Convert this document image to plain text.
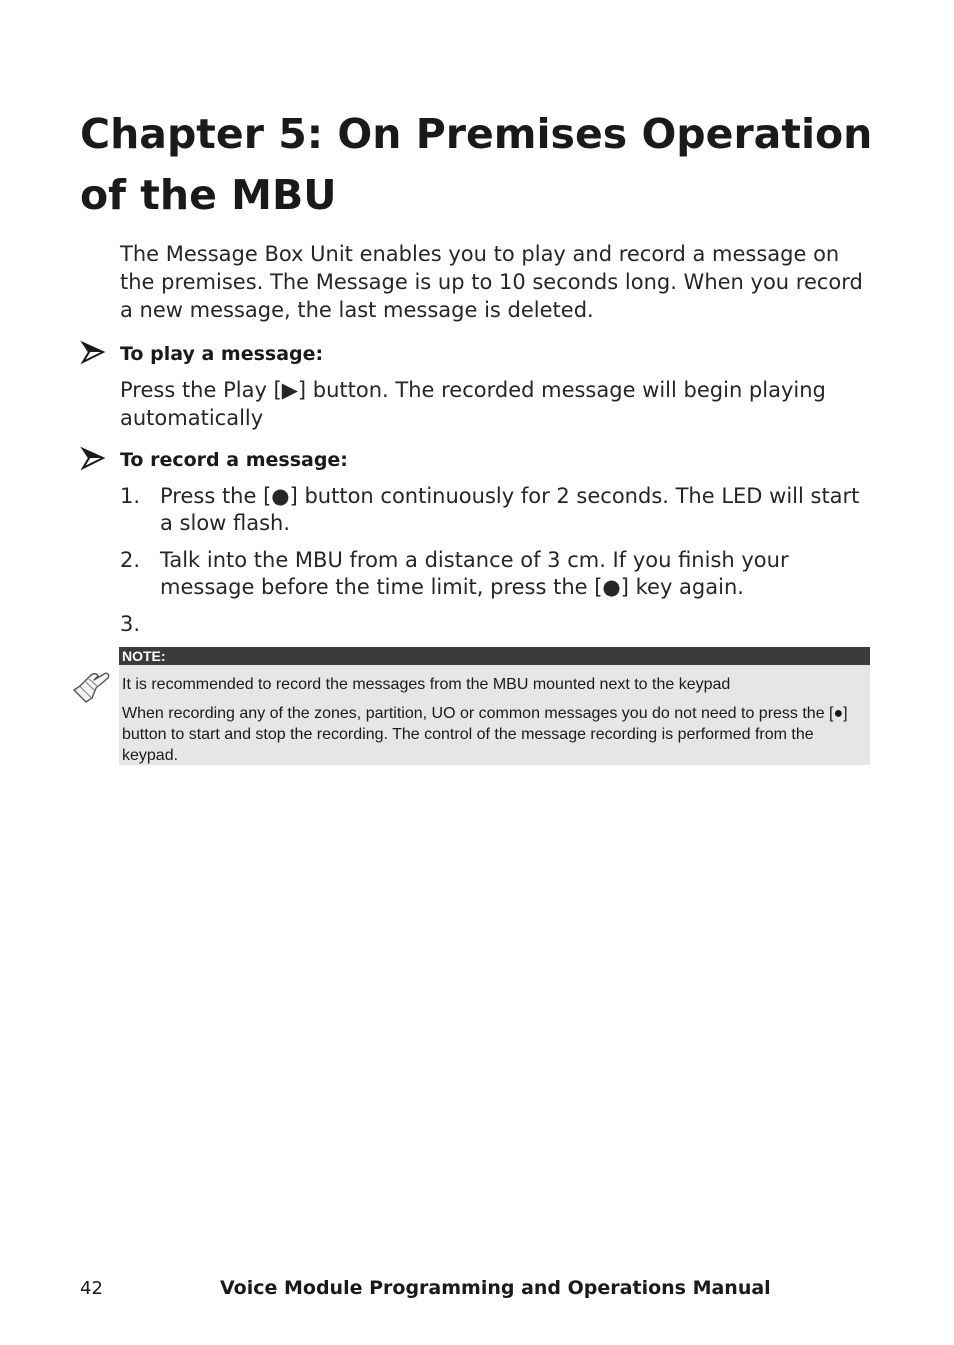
Chapter 5: On Premises Operation of the MBU

The Message Box Unit enables you to play and record a message on the premises. The Message is up to 10 seconds long. When you record a new message, the last message is deleted.

To play a message:

Press the Play [▶] button. The recorded message will begin playing automatically

To record a message:
1. Press the [●] button continuously for 2 seconds. The LED will start a slow flash.
2. Talk into the MBU from a distance of 3 cm. If you finish your message before the time limit, press the [●] key again.
3.
NOTE:

It is recommended to record the messages from the MBU mounted next to the keypad

When recording any of the zones, partition, UO or common messages you do not need to press the [●] button to start and stop the recording. The control of the message recording is performed from the keypad.

42	Voice Module Programming and Operations Manual
